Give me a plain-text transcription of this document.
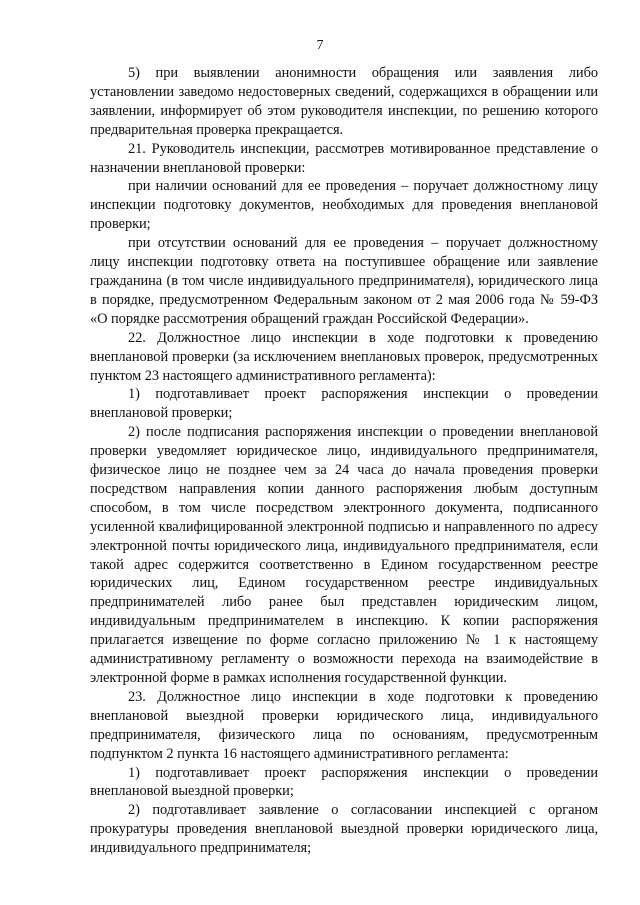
7

5) при выявлении анонимности обращения или заявления либо установлении заведомо недостоверных сведений, содержащихся в обращении или заявлении, информирует об этом руководителя инспекции, по решению которого предварительная проверка прекращается.

21. Руководитель инспекции, рассмотрев мотивированное представление о назначении внеплановой проверки:

при наличии оснований для ее проведения – поручает должностному лицу инспекции подготовку документов, необходимых для проведения внеплановой проверки;

при отсутствии оснований для ее проведения – поручает должностному лицу инспекции подготовку ответа на поступившее обращение или заявление гражданина (в том числе индивидуального предпринимателя), юридического лица в порядке, предусмотренном Федеральным законом от 2 мая 2006 года № 59-ФЗ «О порядке рассмотрения обращений граждан Российской Федерации».

22. Должностное лицо инспекции в ходе подготовки к проведению внеплановой проверки (за исключением внеплановых проверок, предусмотренных пунктом 23 настоящего административного регламента):

1) подготавливает проект распоряжения инспекции о проведении внеплановой проверки;

2) после подписания распоряжения инспекции о проведении внеплановой проверки уведомляет юридическое лицо, индивидуального предпринимателя, физическое лицо не позднее чем за 24 часа до начала проведения проверки посредством направления копии данного распоряжения любым доступным способом, в том числе посредством электронного документа, подписанного усиленной квалифицированной электронной подписью и направленного по адресу электронной почты юридического лица, индивидуального предпринимателя, если такой адрес содержится соответственно в Едином государственном реестре юридических лиц, Едином государственном реестре индивидуальных предпринимателей либо ранее был представлен юридическим лицом, индивидуальным предпринимателем в инспекцию. К копии распоряжения прилагается извещение по форме согласно приложению № 1 к настоящему административному регламенту о возможности перехода на взаимодействие в электронной форме в рамках исполнения государственной функции.

23. Должностное лицо инспекции в ходе подготовки к проведению внеплановой выездной проверки юридического лица, индивидуального предпринимателя, физического лица по основаниям, предусмотренным подпунктом 2 пункта 16 настоящего административного регламента:

1) подготавливает проект распоряжения инспекции о проведении внеплановой выездной проверки;

2) подготавливает заявление о согласовании инспекцией с органом прокуратуры проведения внеплановой выездной проверки юридического лица, индивидуального предпринимателя;
